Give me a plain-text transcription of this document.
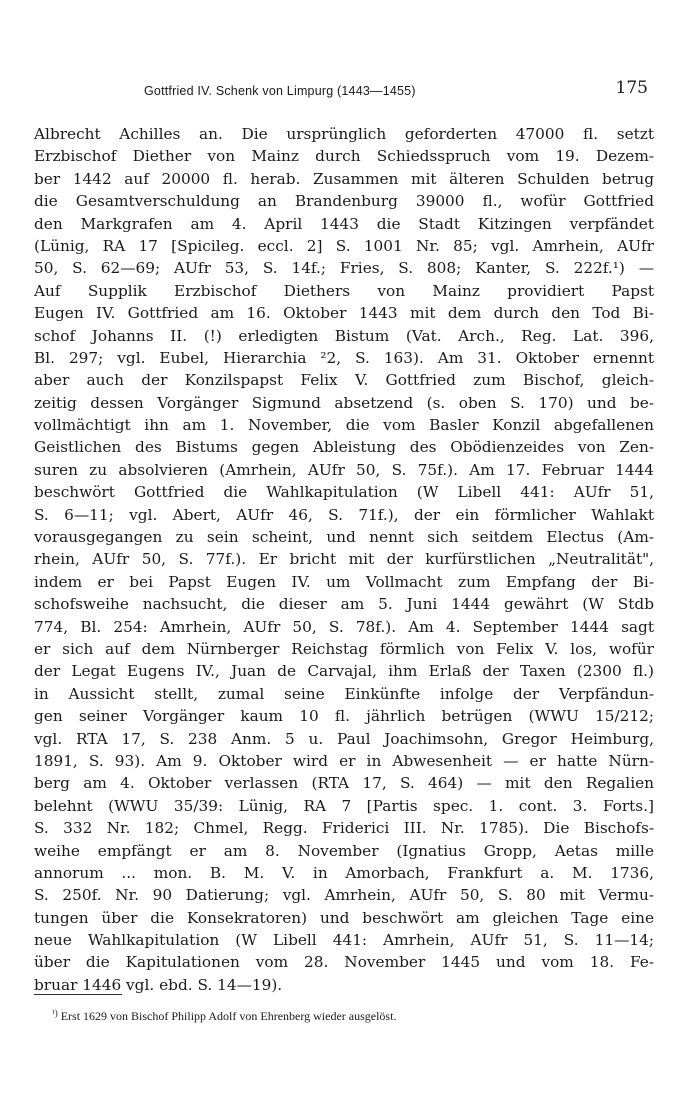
Gottfried IV. Schenk von Limpurg (1443—1455)	175
Albrecht Achilles an. Die ursprünglich geforderten 47000 fl. setzt
Erzbischof Diether von Mainz durch Schiedsspruch vom 19. Dezem-
ber 1442 auf 20000 fl. herab. Zusammen mit älteren Schulden betrug
die Gesamtverschuldung an Brandenburg 39000 fl., wofür Gottfried
den Markgrafen am 4. April 1443 die Stadt Kitzingen verpfändet
(Lünig, RA 17 [Spicileg. eccl. 2] S. 1001 Nr. 85; vgl. Amrhein, AUfr
50, S. 62—69; AUfr 53, S. 14f.; Fries, S. 808; Kanter, S. 222f.¹) —
Auf Supplik Erzbischof Diethers von Mainz providiert Papst
Eugen IV. Gottfried am 16. Oktober 1443 mit dem durch den Tod Bi-
schof Johanns II. (!) erledigten Bistum (Vat. Arch., Reg. Lat. 396,
Bl. 297; vgl. Eubel, Hierarchia ²2, S. 163). Am 31. Oktober ernennt
aber auch der Konzilspapst Felix V. Gottfried zum Bischof, gleich-
zeitig dessen Vorgänger Sigmund absetzend (s. oben S. 170) und be-
vollmächtigt ihn am 1. November, die vom Basler Konzil abgefallenen
Geistlichen des Bistums gegen Ableistung des Obödienzeides von Zen-
suren zu absolvieren (Amrhein, AUfr 50, S. 75f.). Am 17. Februar 1444
beschwört Gottfried die Wahlkapitulation (W Libell 441: AUfr 51,
S. 6—11; vgl. Abert, AUfr 46, S. 71f.), der ein förmlicher Wahlakt
vorausgegangen zu sein scheint, und nennt sich seitdem Electus (Am-
rhein, AUfr 50, S. 77f.). Er bricht mit der kurfürstlichen „Neutralität",
indem er bei Papst Eugen IV. um Vollmacht zum Empfang der Bi-
schofsweihe nachsucht, die dieser am 5. Juni 1444 gewährt (W Stdb
774, Bl. 254: Amrhein, AUfr 50, S. 78f.). Am 4. September 1444 sagt
er sich auf dem Nürnberger Reichstag förmlich von Felix V. los, wofür
der Legat Eugens IV., Juan de Carvajal, ihm Erlaß der Taxen (2300 fl.)
in Aussicht stellt, zumal seine Einkünfte infolge der Verpfändun-
gen seiner Vorgänger kaum 10 fl. jährlich betrügen (WWU 15/212;
vgl. RTA 17, S. 238 Anm. 5 u. Paul Joachimsohn, Gregor Heimburg,
1891, S. 93). Am 9. Oktober wird er in Abwesenheit — er hatte Nürn-
berg am 4. Oktober verlassen (RTA 17, S. 464) — mit den Regalien
belehnt (WWU 35/39: Lünig, RA 7 [Partis spec. 1. cont. 3. Forts.]
S. 332 Nr. 182; Chmel, Regg. Friderici III. Nr. 1785). Die Bischofs-
weihe empfängt er am 8. November (Ignatius Gropp, Aetas mille
annorum ... mon. B. M. V. in Amorbach, Frankfurt a. M. 1736,
S. 250f. Nr. 90 Datierung; vgl. Amrhein, AUfr 50, S. 80 mit Vermu-
tungen über die Konsekratoren) und beschwört am gleichen Tage eine
neue Wahlkapitulation (W Libell 441: Amrhein, AUfr 51, S. 11—14;
über die Kapitulationen vom 28. November 1445 und vom 18. Fe-
bruar 1446 vgl. ebd. S. 14—19).
$^{^1)}$ Erst 1629 von Bischof Philipp Adolf von Ehrenberg wieder ausgelöst.
